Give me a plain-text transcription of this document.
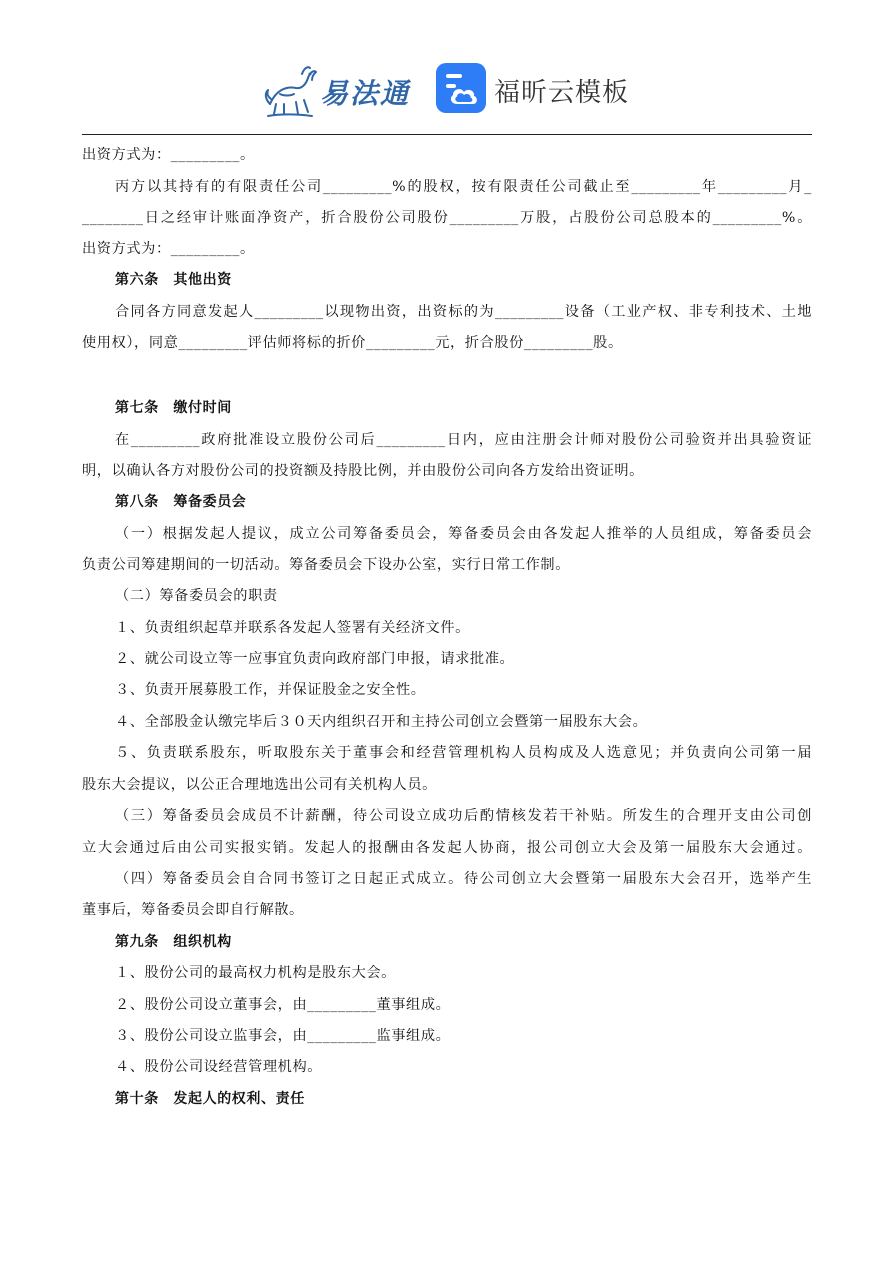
易法通	福昕云模板
出资方式为：_________。
丙方以其持有的有限责任公司_________%的股权，按有限责任公司截止至_________年_________月_
________日之经审计账面净资产，折合股份公司股份_________万股，占股份公司总股本的_________%。
出资方式为：_________。
第六条　其他出资
合同各方同意发起人_________以现物出资，出资标的为_________设备（工业产权、非专利技术、土地
使用权），同意_________评估师将标的折价_________元，折合股份_________股。
第七条　缴付时间
在_________政府批准设立股份公司后_________日内，应由注册会计师对股份公司验资并出具验资证
明，以确认各方对股份公司的投资额及持股比例，并由股份公司向各方发给出资证明。
第八条　筹备委员会
（一）根据发起人提议，成立公司筹备委员会，筹备委员会由各发起人推举的人员组成，筹备委员会
负责公司筹建期间的一切活动。筹备委员会下设办公室，实行日常工作制。
（二）筹备委员会的职责
１、负责组织起草并联系各发起人签署有关经济文件。
２、就公司设立等一应事宜负责向政府部门申报，请求批准。
３、负责开展募股工作，并保证股金之安全性。
４、全部股金认缴完毕后３０天内组织召开和主持公司创立会暨第一届股东大会。
５、负责联系股东，听取股东关于董事会和经营管理机构人员构成及人选意见；并负责向公司第一届
股东大会提议，以公正合理地选出公司有关机构人员。
（三）筹备委员会成员不计薪酬，待公司设立成功后酌情核发若干补贴。所发生的合理开支由公司创
立大会通过后由公司实报实销。发起人的报酬由各发起人协商，报公司创立大会及第一届股东大会通过。
（四）筹备委员会自合同书签订之日起正式成立。待公司创立大会暨第一届股东大会召开，选举产生
董事后，筹备委员会即自行解散。
第九条　组织机构
１、股份公司的最高权力机构是股东大会。
２、股份公司设立董事会，由_________董事组成。
３、股份公司设立监事会，由_________监事组成。
４、股份公司设经营管理机构。
第十条　发起人的权利、责任
